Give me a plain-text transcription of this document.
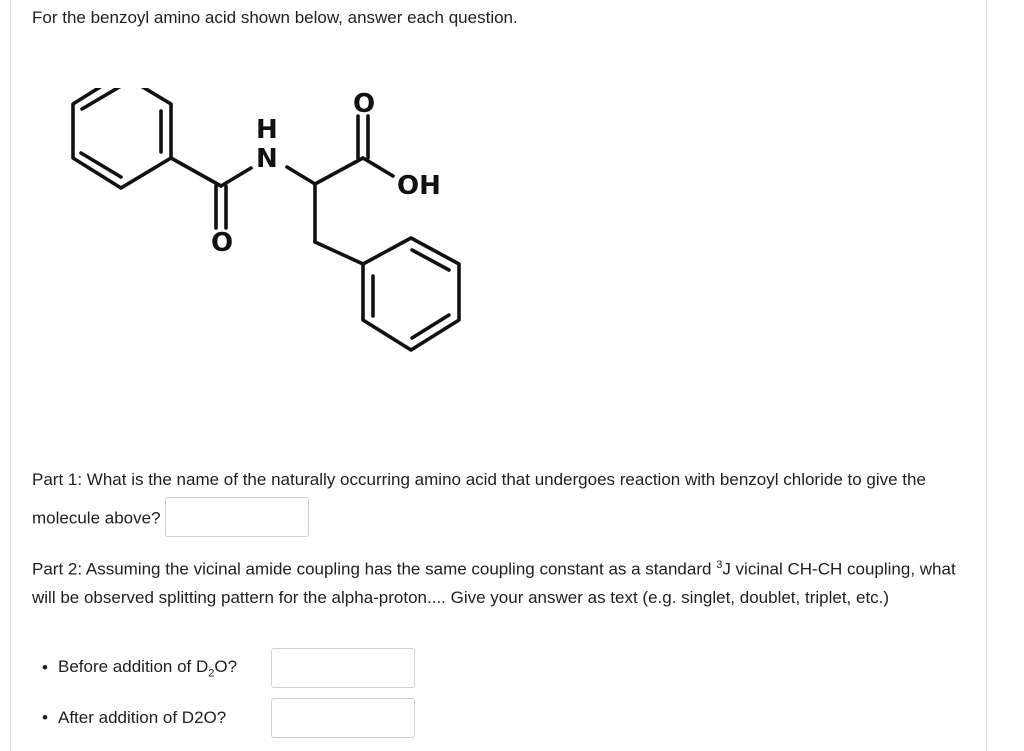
For the benzoyl amino acid shown below, answer each question.

H
N
O
O
OH

Part 1: What is the name of the naturally occurring amino acid that undergoes reaction with benzoyl chloride to give the molecule above?

Part 2: Assuming the vicinal amide coupling has the same coupling constant as a standard $^3$J vicinal CH-CH coupling, what will be observed splitting pattern for the alpha-proton.... Give your answer as text (e.g. singlet, doublet, triplet, etc.)

• Before addition of $D_2O$?
• After addition of D2O?
